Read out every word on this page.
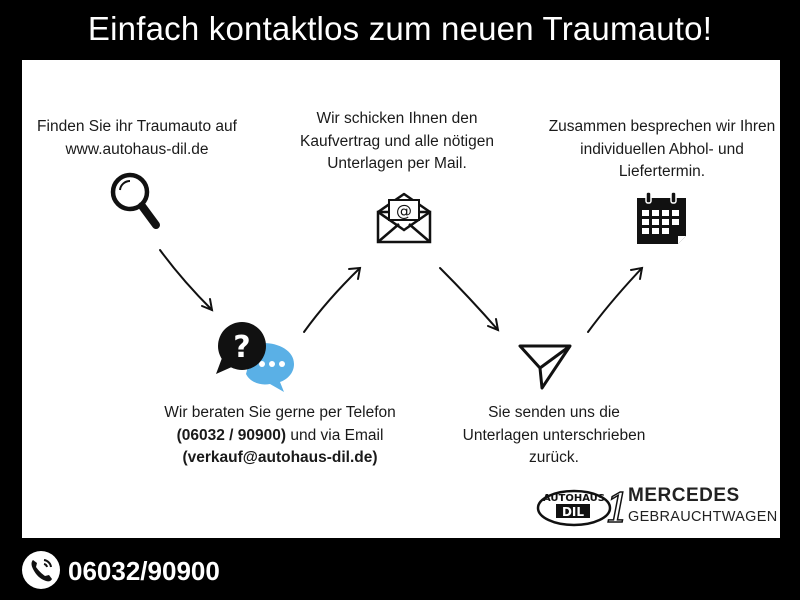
Einfach kontaktlos zum neuen Traumauto!
Finden Sie ihr Traumauto auf
www.autohaus-dil.de
Wir schicken Ihnen den
Kaufvertrag und alle nötigen
Unterlagen per Mail.
@
Zusammen besprechen wir Ihren
individuellen Abhol- und
Liefertermin.
?
Wir beraten Sie gerne per Telefon
(06032 / 90900) und via Email
(verkauf@autohaus-dil.de)
Sie senden uns die
Unterlagen unterschrieben
zurück.
AUTOHAUS
DIL 1
MERCEDES
GEBRAUCHTWAGEN
06032/90900
